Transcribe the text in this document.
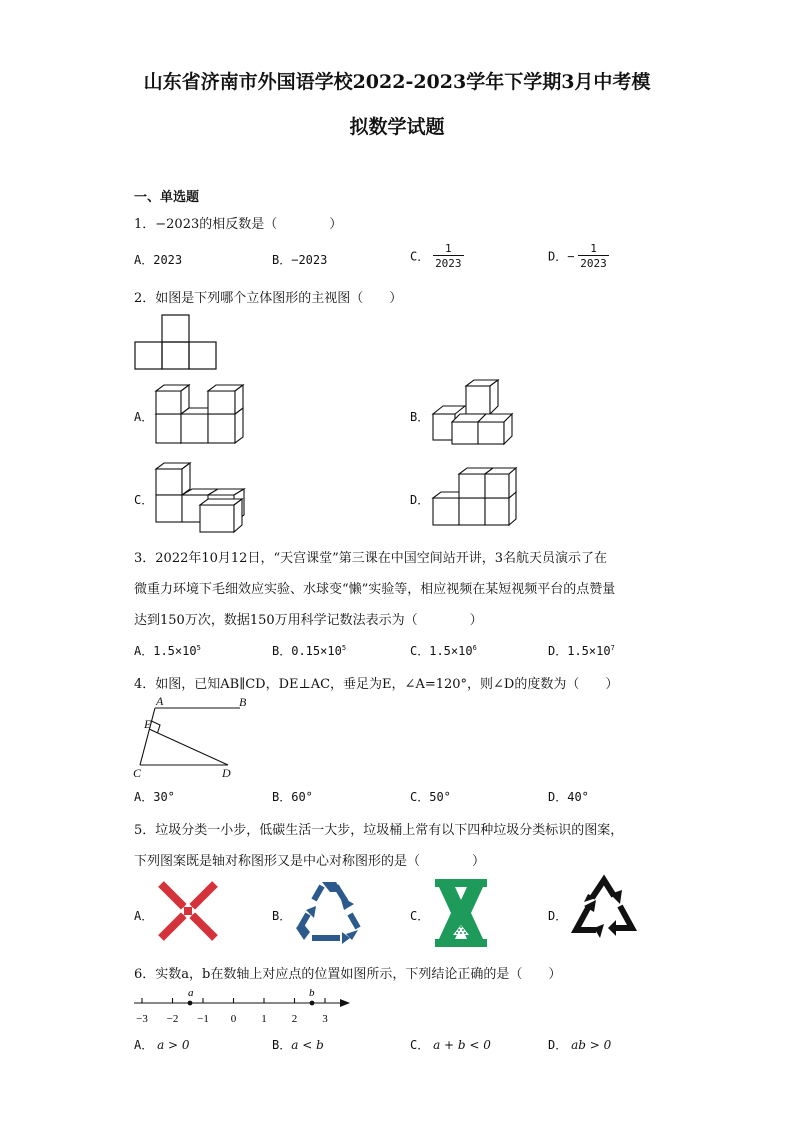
山东省济南市外国语学校2022-2023学年下学期3月中考模
拟数学试题
一、单选题
1．−2023的相反数是（　　　　）
A．2023	B．−2023	C． $\frac{1}{2023}$	D．− $\frac{1}{2023}$
2．如图是下列哪个立体图形的主视图（　　）
A．	B．
C．	D．
3．2022年10月12日，“天宫课堂”第三课在中国空间站开讲，3名航天员演示了在
微重力环境下毛细效应实验、水球变“懒”实验等，相应视频在某短视频平台的点赞量
达到150万次，数据150万用科学记数法表示为（　　　　）
A．$1.5\times 10^5$	B．$0.15\times 10^5$	C．$1.5\times 10^6$	D．$1.5\times 10^7$
4．如图，已知AB∥CD，DE⊥AC，垂足为E，∠A=120°，则∠D的度数为（　　）
A	B
C	D
E
A．30°	B．60°	C．50°	D．40°
5．垃圾分类一小步，低碳生活一大步，垃圾桶上常有以下四种垃圾分类标识的图案，
下列图案既是轴对称图形又是中心对称图形的是（　　　　）
A．	B．	C．	D．
6．实数a，b在数轴上对应点的位置如图所示，下列结论正确的是（　　）
−3 −2 −1 0 1 2 3
a	b
A． a > 0	B．a < b	C． a + b < 0	D． ab > 0
